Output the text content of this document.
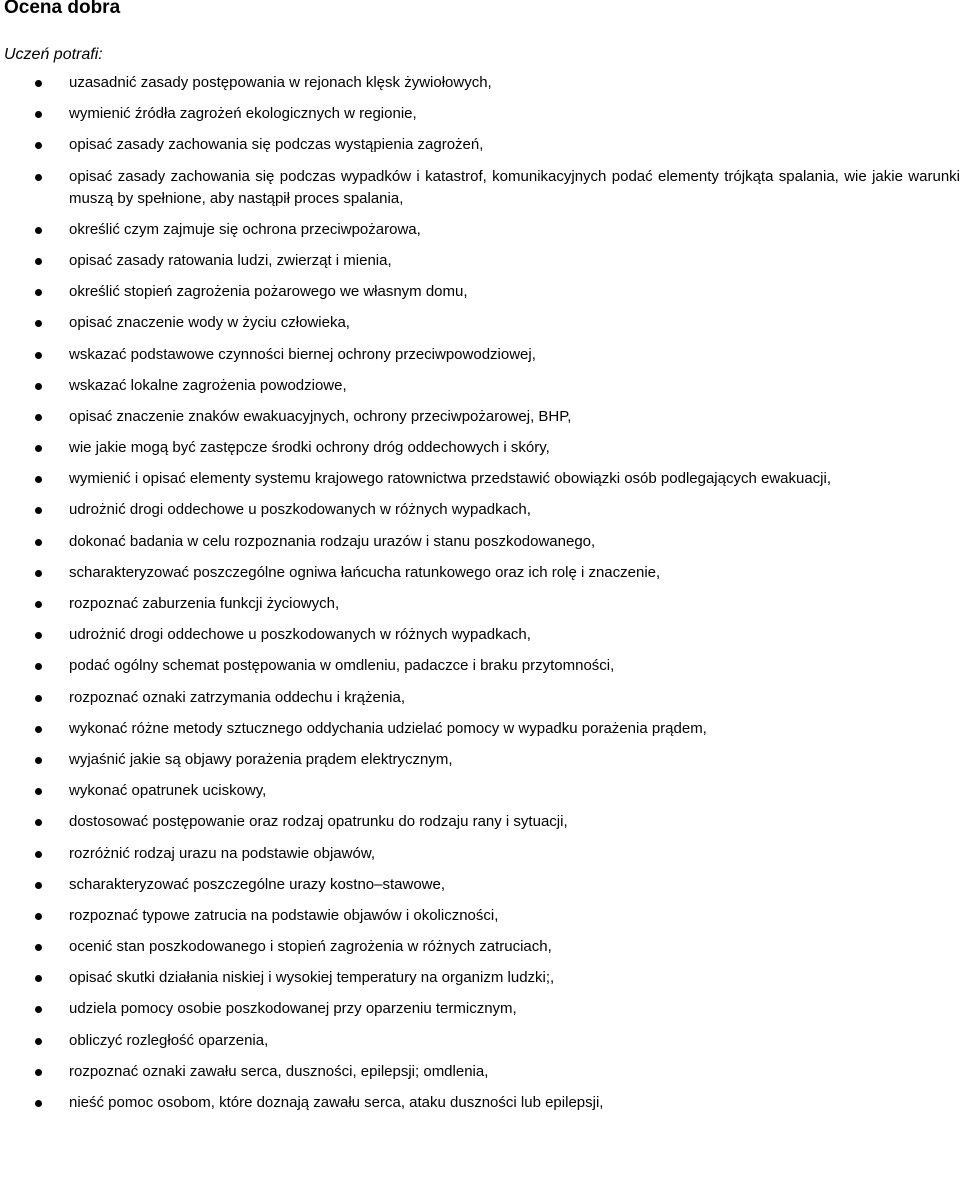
Ocena dobra
Uczeń potrafi:
uzasadnić zasady postępowania w rejonach klęsk żywiołowych,
wymienić źródła zagrożeń ekologicznych w regionie,
opisać zasady zachowania się podczas wystąpienia zagrożeń,
opisać zasady zachowania się podczas wypadków i katastrof, komunikacyjnych podać elementy trójkąta spalania, wie jakie warunki muszą by spełnione, aby nastąpił proces spalania,
określić czym zajmuje się ochrona przeciwpożarowa,
opisać zasady ratowania ludzi, zwierząt i mienia,
określić stopień zagrożenia pożarowego we własnym domu,
opisać znaczenie wody w życiu człowieka,
wskazać podstawowe czynności biernej ochrony przeciwpowodziowej,
wskazać lokalne zagrożenia powodziowe,
opisać znaczenie znaków ewakuacyjnych, ochrony przeciwpożarowej, BHP,
wie jakie mogą być zastępcze środki ochrony dróg oddechowych i skóry,
wymienić i opisać elementy systemu krajowego ratownictwa przedstawić obowiązki osób podlegających ewakuacji,
udrożnić drogi oddechowe u poszkodowanych w różnych wypadkach,
dokonać badania w celu rozpoznania rodzaju urazów i stanu poszkodowanego,
scharakteryzować poszczególne ogniwa łańcucha ratunkowego oraz ich rolę i znaczenie,
rozpoznać zaburzenia funkcji życiowych,
udrożnić drogi oddechowe u poszkodowanych w różnych wypadkach,
podać ogólny schemat postępowania w omdleniu, padaczce i braku przytomności,
rozpoznać oznaki zatrzymania oddechu i krążenia,
wykonać różne metody sztucznego oddychania udzielać pomocy w wypadku porażenia prądem,
wyjaśnić jakie są objawy porażenia prądem elektrycznym,
wykonać opatrunek uciskowy,
dostosować postępowanie oraz rodzaj opatrunku do rodzaju rany i sytuacji,
rozróżnić rodzaj urazu na podstawie objawów,
scharakteryzować poszczególne urazy kostno–stawowe,
rozpoznać typowe zatrucia na podstawie objawów i okoliczności,
ocenić stan poszkodowanego i stopień zagrożenia w różnych zatruciach,
opisać skutki działania niskiej i wysokiej temperatury na organizm ludzki;,
udziela pomocy osobie poszkodowanej przy oparzeniu termicznym,
obliczyć rozległość oparzenia,
rozpoznać oznaki zawału serca, duszności, epilepsji; omdlenia,
nieść pomoc osobom, które doznają zawału serca, ataku duszności lub epilepsji,
